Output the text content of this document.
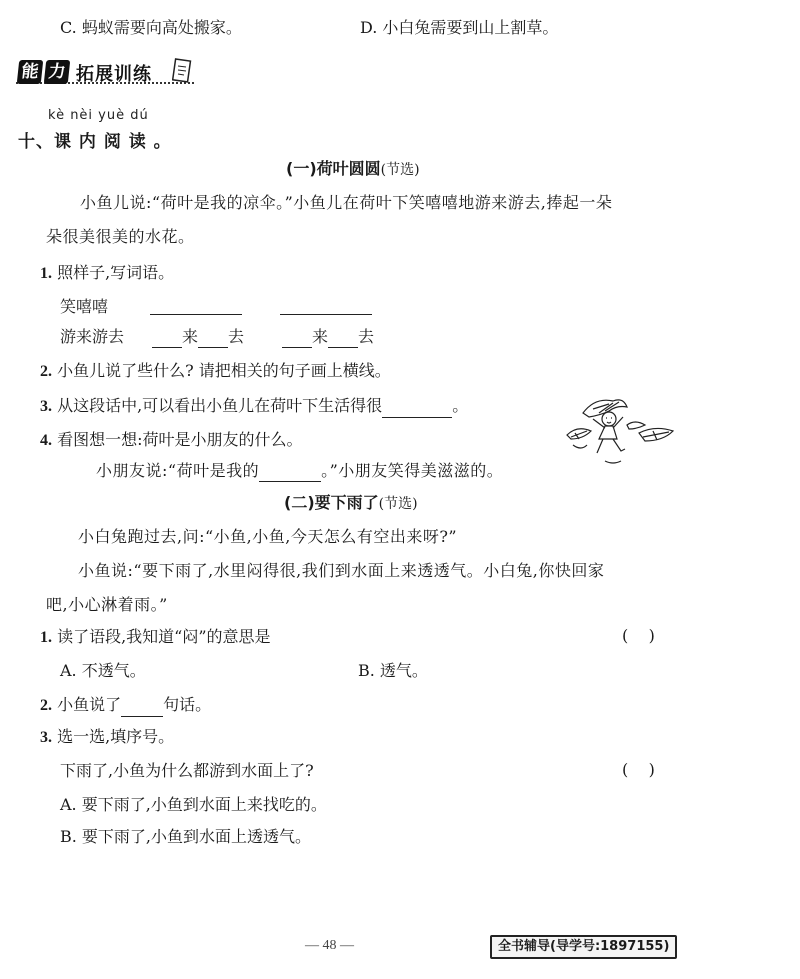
C. 蚂蚁需要向高处搬家。	D. 小白兔需要到山上割草。
能 力 拓展训练
kè nèi yuè dú
十、课 内 阅 读 。
(一)荷叶圆圆(节选)
小鱼儿说:“荷叶是我的凉伞。”小鱼儿在荷叶下笑嘻嘻地游来游去,捧起一朵
朵很美很美的水花。
1. 照样子,写词语。
笑嘻嘻
游来游去	来 去	来 去
2. 小鱼儿说了些什么? 请把相关的句子画上横线。
3. 从这段话中,可以看出小鱼儿在荷叶下生活得很	。
4. 看图想一想:荷叶是小朋友的什么。
小朋友说:“荷叶是我的	。”小朋友笑得美滋滋的。
(二)要下雨了(节选)
小白兔跑过去,问:“小鱼,小鱼,今天怎么有空出来呀?”
小鱼说:“要下雨了,水里闷得很,我们到水面上来透透气。小白兔,你快回家
吧,小心淋着雨。”
1. 读了语段,我知道“闷”的意思是	(    )
A. 不透气。	B. 透气。
2. 小鱼说了	句话。
3. 选一选,填序号。
下雨了,小鱼为什么都游到水面上了?	(    )
A. 要下雨了,小鱼到水面上来找吃的。
B. 要下雨了,小鱼到水面上透透气。
— 48 —	全书辅导(导学号:1897155)
